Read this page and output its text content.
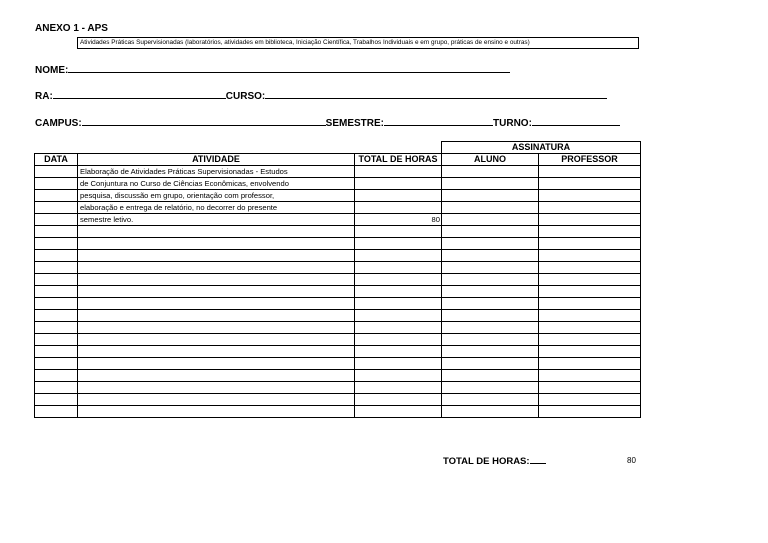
ANEXO 1 - APS
Atividades Práticas Supervisionadas (laboratórios, atividades em biblioteca, Iniciação Científica, Trabalhos Individuais e em grupo, práticas de ensino e outras)
NOME:
RA:	CURSO:
CAMPUS:	SEMESTRE:	TURNO:
			ASSINATURA	
DATA	ATIVIDADE	TOTAL DE HORAS	ALUNO	PROFESSOR
	Elaboração de Atividades Práticas Supervisionadas - Estudos			
	de Conjuntura no Curso de Ciências Econômicas, envolvendo			
	pesquisa, discussão em grupo, orientação com professor,			
	elaboração e entrega de relatório, no decorrer do presente			
	semestre letivo.	80		

TOTAL DE HORAS:	80
